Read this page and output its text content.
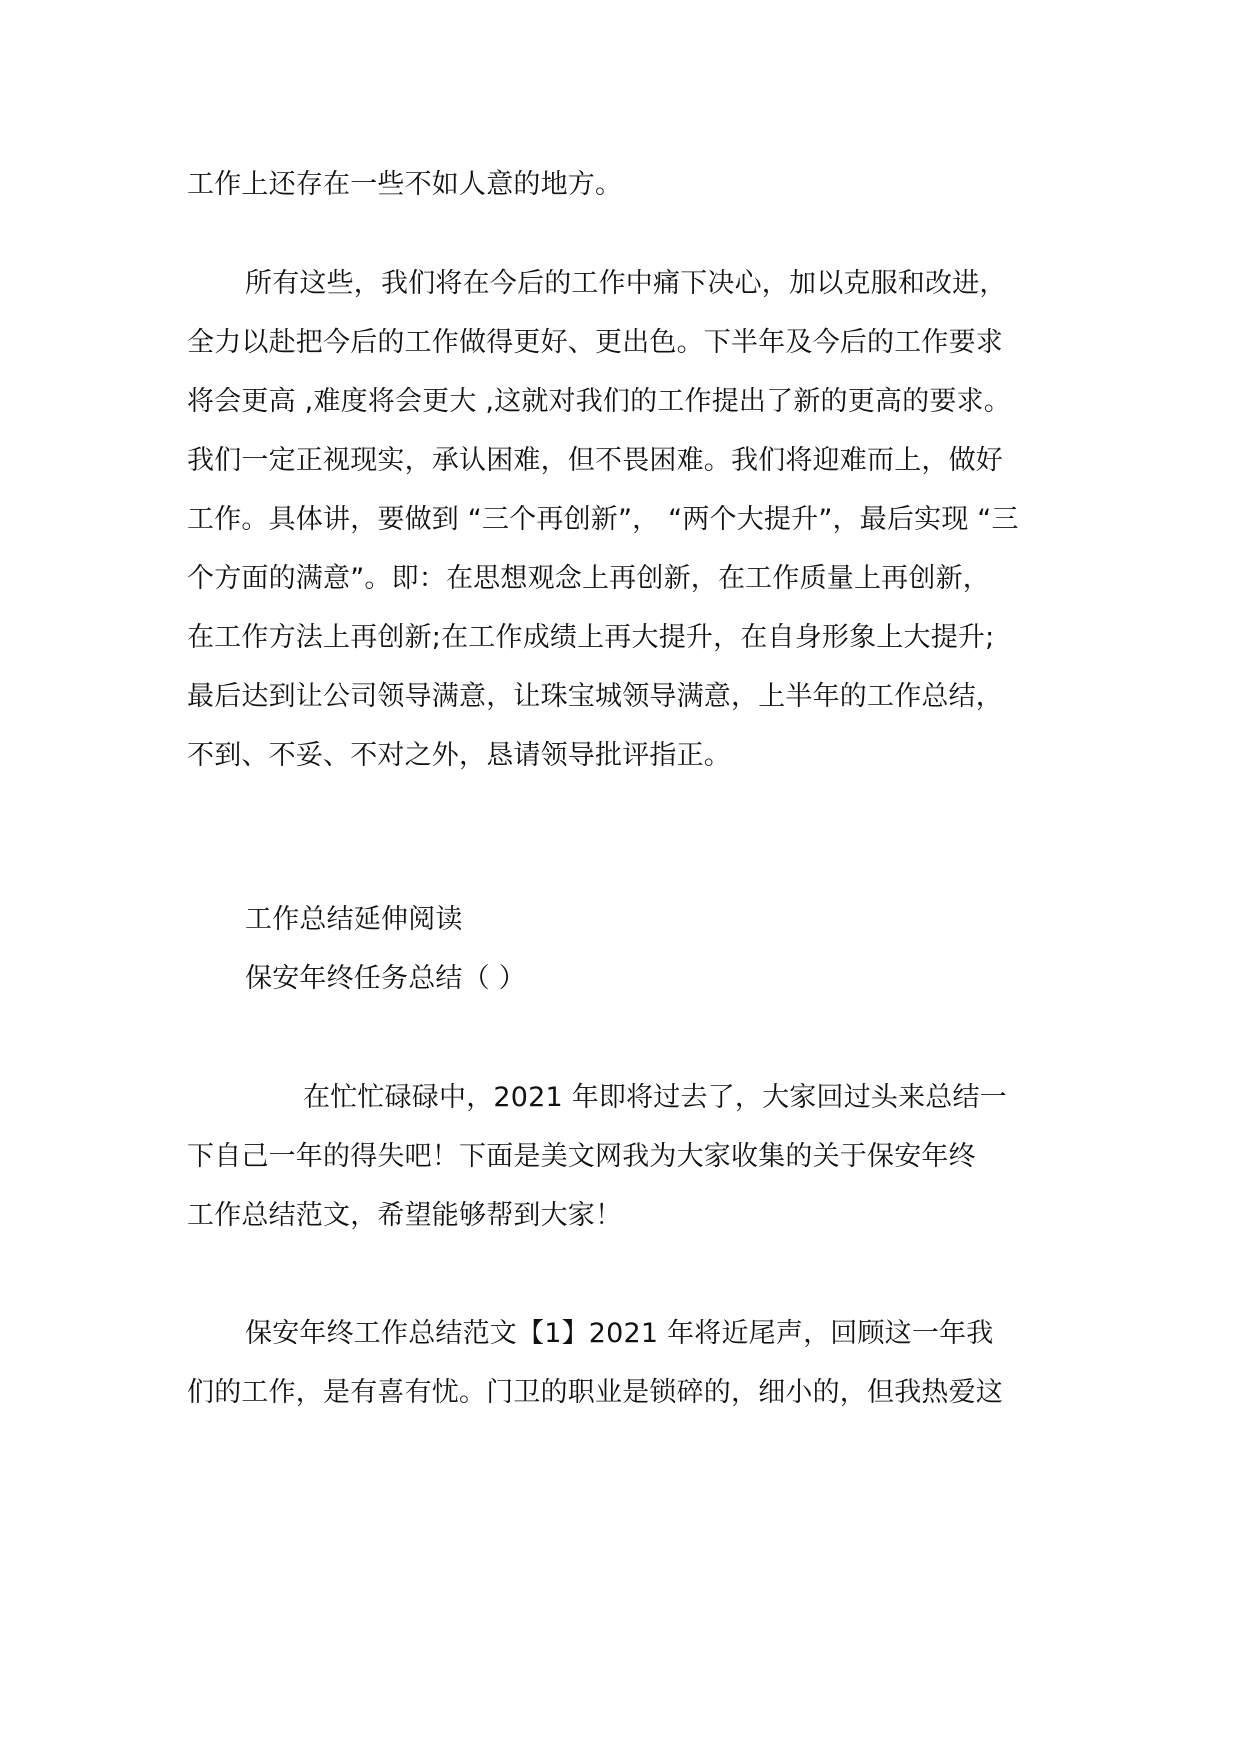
工作上还存在一些不如人意的地方。
所有这些，我们将在今后的工作中痛下决心，加以克服和改进，
全力以赴把今后的工作做得更好、更出色。下半年及今后的工作要求
将会更高 ,难度将会更大 ,这就对我们的工作提出了新的更高的要求。
我们一定正视现实，承认困难，但不畏困难。我们将迎难而上，做好
工作。具体讲，要做到 “三个再创新”， “两个大提升”，最后实现 “三
个方面的满意”。即：在思想观念上再创新，在工作质量上再创新，
在工作方法上再创新;在工作成绩上再大提升，在自身形象上大提升;
最后达到让公司领导满意，让珠宝城领导满意，上半年的工作总结，
不到、不妥、不对之外，恳请领导批评指正。
工作总结延伸阅读
保安年终任务总结（ ）
在忙忙碌碌中，2021 年即将过去了，大家回过头来总结一
下自己一年的得失吧！下面是美文网我为大家收集的关于保安年终
工作总结范文，希望能够帮到大家！
保安年终工作总结范文【1】2021 年将近尾声，回顾这一年我
们的工作，是有喜有忧。门卫的职业是锁碎的，细小的，但我热爱这
